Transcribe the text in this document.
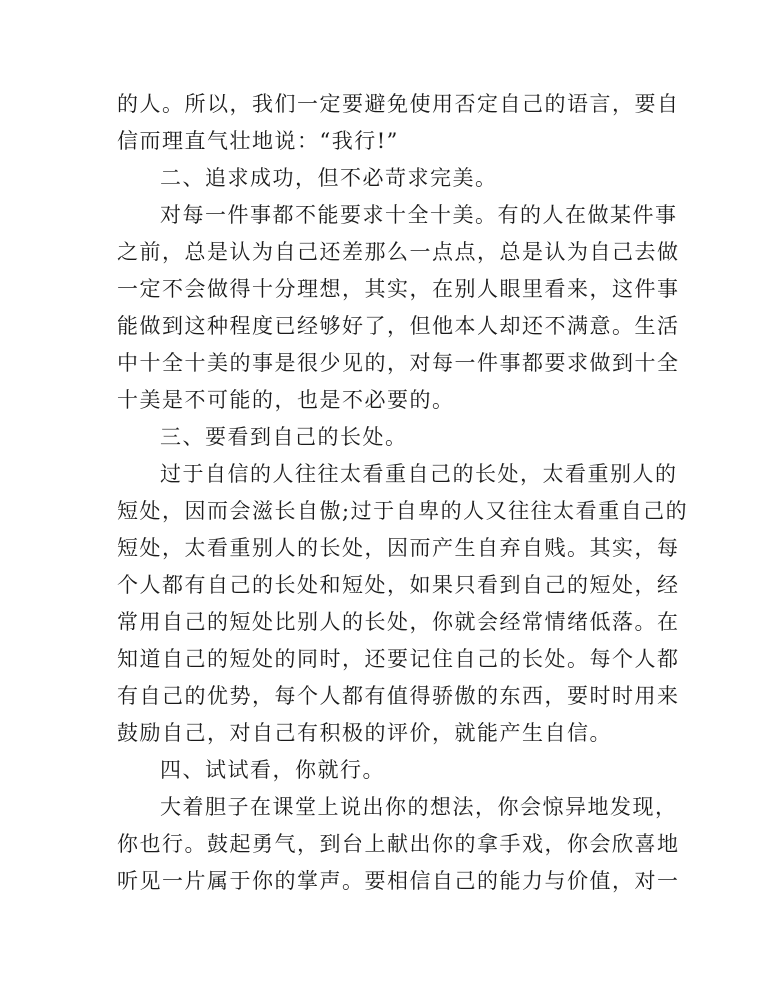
的人。所以，我们一定要避免使用否定自己的语言，要自
信而理直气壮地说：“我行!”
二、追求成功，但不必苛求完美。
对每一件事都不能要求十全十美。有的人在做某件事
之前，总是认为自己还差那么一点点，总是认为自己去做
一定不会做得十分理想，其实，在别人眼里看来，这件事
能做到这种程度已经够好了，但他本人却还不满意。生活
中十全十美的事是很少见的，对每一件事都要求做到十全
十美是不可能的，也是不必要的。
三、要看到自己的长处。
过于自信的人往往太看重自己的长处，太看重别人的
短处，因而会滋长自傲;过于自卑的人又往往太看重自己的
短处，太看重别人的长处，因而产生自弃自贱。其实，每
个人都有自己的长处和短处，如果只看到自己的短处，经
常用自己的短处比别人的长处，你就会经常情绪低落。在
知道自己的短处的同时，还要记住自己的长处。每个人都
有自己的优势，每个人都有值得骄傲的东西，要时时用来
鼓励自己，对自己有积极的评价，就能产生自信。
四、试试看，你就行。
大着胆子在课堂上说出你的想法，你会惊异地发现，
你也行。鼓起勇气，到台上献出你的拿手戏，你会欣喜地
听见一片属于你的掌声。要相信自己的能力与价值，对一
